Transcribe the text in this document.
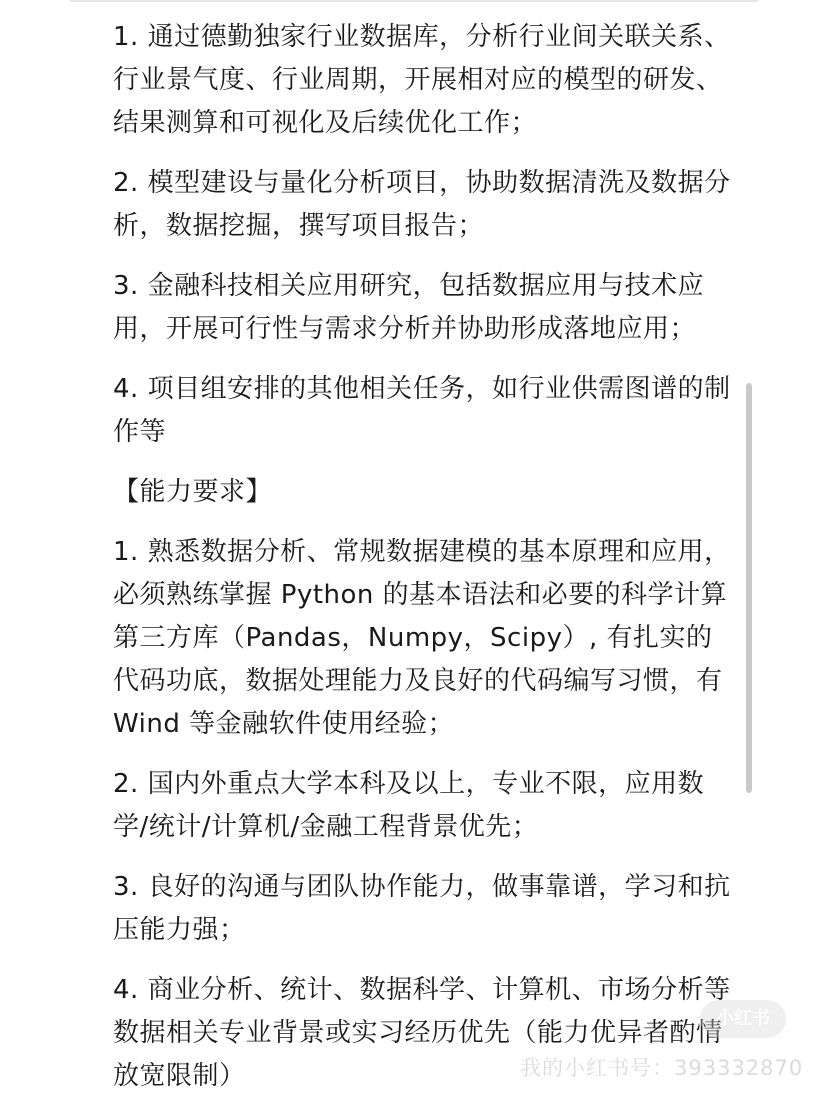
1. 通过德勤独家行业数据库，分析行业间关联关系、行业景气度、行业周期，开展相对应的模型的研发、结果测算和可视化及后续优化工作；

2. 模型建设与量化分析项目，协助数据清洗及数据分析，数据挖掘，撰写项目报告；

3. 金融科技相关应用研究，包括数据应用与技术应用，开展可行性与需求分析并协助形成落地应用；

4. 项目组安排的其他相关任务，如行业供需图谱的制作等

【能力要求】

1. 熟悉数据分析、常规数据建模的基本原理和应用，必须熟练掌握 Python 的基本语法和必要的科学计算第三方库（Pandas，Numpy，Scipy）, 有扎实的代码功底，数据处理能力及良好的代码编写习惯，有 Wind 等金融软件使用经验；

2. 国内外重点大学本科及以上，专业不限，应用数学/统计/计算机/金融工程背景优先；

3. 良好的沟通与团队协作能力，做事靠谱，学习和抗压能力强；

4. 商业分析、统计、数据科学、计算机、市场分析等数据相关专业背景或实习经历优先（能力优异者酌情放宽限制）

小红书
我的小红书号：393332870
